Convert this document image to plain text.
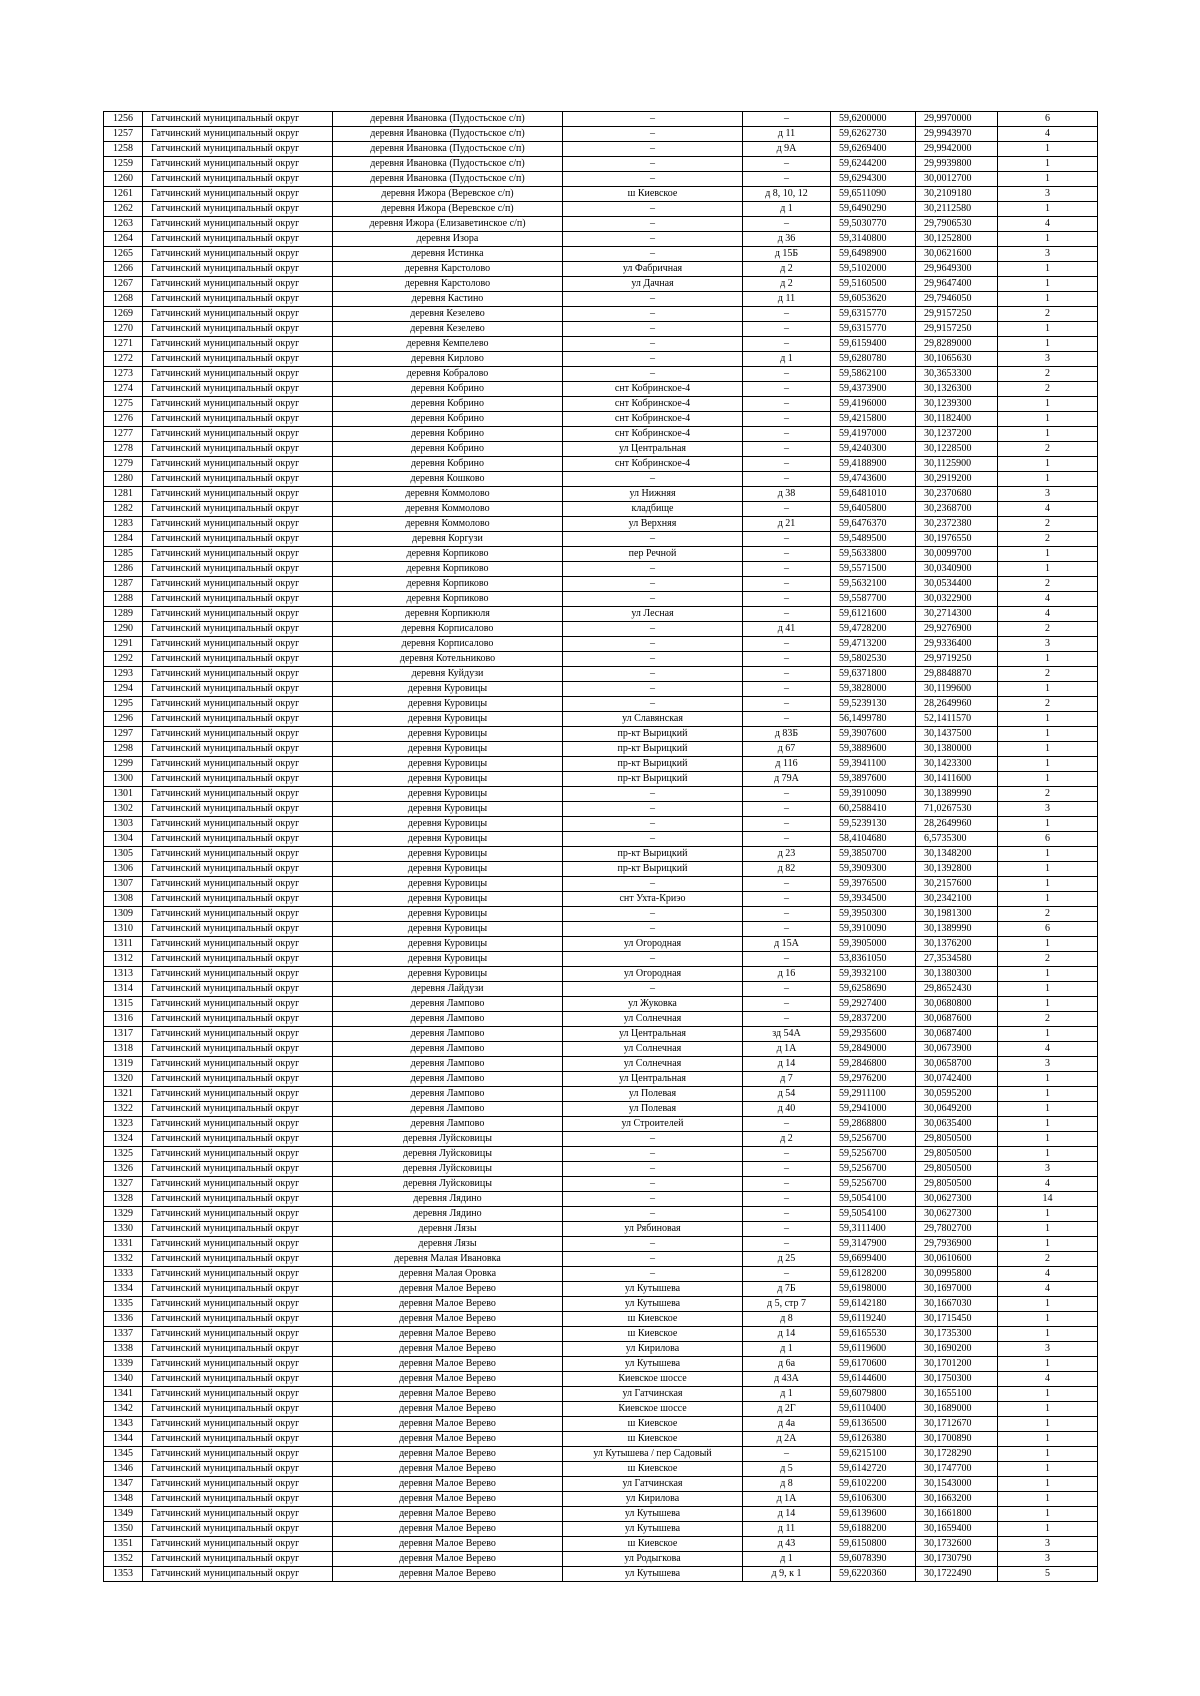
1256	Гатчинский муниципальный округ	деревня Ивановка (Пудостьское с/п)	–	–	59,6200000	29,9970000	6
1257	Гатчинский муниципальный округ	деревня Ивановка (Пудостьское с/п)	–	д 11	59,6262730	29,9943970	4
1258	Гатчинский муниципальный округ	деревня Ивановка (Пудостьское с/п)	–	д 9А	59,6269400	29,9942000	1
1259	Гатчинский муниципальный округ	деревня Ивановка (Пудостьское с/п)	–	–	59,6244200	29,9939800	1
1260	Гатчинский муниципальный округ	деревня Ивановка (Пудостьское с/п)	–	–	59,6294300	30,0012700	1
1261	Гатчинский муниципальный округ	деревня Ижора (Веревское с/п)	ш Киевское	д 8, 10, 12	59,6511090	30,2109180	3
1262	Гатчинский муниципальный округ	деревня Ижора (Веревское с/п)	–	д 1	59,6490290	30,2112580	1
1263	Гатчинский муниципальный округ	деревня Ижора (Елизаветинское с/п)	–	–	59,5030770	29,7906530	4
1264	Гатчинский муниципальный округ	деревня Изора	–	д 36	59,3140800	30,1252800	1
1265	Гатчинский муниципальный округ	деревня Истинка	–	д 15Б	59,6498900	30,0621600	3
1266	Гатчинский муниципальный округ	деревня Карстолово	ул Фабричная	д 2	59,5102000	29,9649300	1
1267	Гатчинский муниципальный округ	деревня Карстолово	ул Дачная	д 2	59,5160500	29,9647400	1
1268	Гатчинский муниципальный округ	деревня Кастино	–	д 11	59,6053620	29,7946050	1
1269	Гатчинский муниципальный округ	деревня Кезелево	–	–	59,6315770	29,9157250	2
1270	Гатчинский муниципальный округ	деревня Кезелево	–	–	59,6315770	29,9157250	1
1271	Гатчинский муниципальный округ	деревня Кемпелево	–	–	59,6159400	29,8289000	1
1272	Гатчинский муниципальный округ	деревня Кирлово	–	д 1	59,6280780	30,1065630	3
1273	Гатчинский муниципальный округ	деревня Кобралово	–	–	59,5862100	30,3653300	2
1274	Гатчинский муниципальный округ	деревня Кобрино	снт Кобринское-4	–	59,4373900	30,1326300	2
1275	Гатчинский муниципальный округ	деревня Кобрино	снт Кобринское-4	–	59,4196000	30,1239300	1
1276	Гатчинский муниципальный округ	деревня Кобрино	снт Кобринское-4	–	59,4215800	30,1182400	1
1277	Гатчинский муниципальный округ	деревня Кобрино	снт Кобринское-4	–	59,4197000	30,1237200	1
1278	Гатчинский муниципальный округ	деревня Кобрино	ул Центральная	–	59,4240300	30,1228500	2
1279	Гатчинский муниципальный округ	деревня Кобрино	снт Кобринское-4	–	59,4188900	30,1125900	1
1280	Гатчинский муниципальный округ	деревня Кошково	–	–	59,4743600	30,2919200	1
1281	Гатчинский муниципальный округ	деревня Коммолово	ул Нижняя	д 38	59,6481010	30,2370680	3
1282	Гатчинский муниципальный округ	деревня Коммолово	кладбище	–	59,6405800	30,2368700	4
1283	Гатчинский муниципальный округ	деревня Коммолово	ул Верхняя	д 21	59,6476370	30,2372380	2
1284	Гатчинский муниципальный округ	деревня Коргузи	–	–	59,5489500	30,1976550	2
1285	Гатчинский муниципальный округ	деревня Корпиково	пер Речной	–	59,5633800	30,0099700	1
1286	Гатчинский муниципальный округ	деревня Корпиково	–	–	59,5571500	30,0340900	1
1287	Гатчинский муниципальный округ	деревня Корпиково	–	–	59,5632100	30,0534400	2
1288	Гатчинский муниципальный округ	деревня Корпиково	–	–	59,5587700	30,0322900	4
1289	Гатчинский муниципальный округ	деревня Корпикюля	ул Лесная	–	59,6121600	30,2714300	4
1290	Гатчинский муниципальный округ	деревня Корписалово	–	д 41	59,4728200	29,9276900	2
1291	Гатчинский муниципальный округ	деревня Корписалово	–	–	59,4713200	29,9336400	3
1292	Гатчинский муниципальный округ	деревня Котельниково	–	–	59,5802530	29,9719250	1
1293	Гатчинский муниципальный округ	деревня Куйдузи	–	–	59,6371800	29,8848870	2
1294	Гатчинский муниципальный округ	деревня Куровицы	–	–	59,3828000	30,1199600	1
1295	Гатчинский муниципальный округ	деревня Куровицы	–	–	59,5239130	28,2649960	2
1296	Гатчинский муниципальный округ	деревня Куровицы	ул Славянская	–	56,1499780	52,1411570	1
1297	Гатчинский муниципальный округ	деревня Куровицы	пр-кт Вырицкий	д 83Б	59,3907600	30,1437500	1
1298	Гатчинский муниципальный округ	деревня Куровицы	пр-кт Вырицкий	д 67	59,3889600	30,1380000	1
1299	Гатчинский муниципальный округ	деревня Куровицы	пр-кт Вырицкий	д 116	59,3941100	30,1423300	1
1300	Гатчинский муниципальный округ	деревня Куровицы	пр-кт Вырицкий	д 79А	59,3897600	30,1411600	1
1301	Гатчинский муниципальный округ	деревня Куровицы	–	–	59,3910090	30,1389990	2
1302	Гатчинский муниципальный округ	деревня Куровицы	–	–	60,2588410	71,0267530	3
1303	Гатчинский муниципальный округ	деревня Куровицы	–	–	59,5239130	28,2649960	1
1304	Гатчинский муниципальный округ	деревня Куровицы	–	–	58,4104680	6,5735300	6
1305	Гатчинский муниципальный округ	деревня Куровицы	пр-кт Вырицкий	д 23	59,3850700	30,1348200	1
1306	Гатчинский муниципальный округ	деревня Куровицы	пр-кт Вырицкий	д 82	59,3909300	30,1392800	1
1307	Гатчинский муниципальный округ	деревня Куровицы	–	–	59,3976500	30,2157600	1
1308	Гатчинский муниципальный округ	деревня Куровицы	снт Ухта-Криэо	–	59,3934500	30,2342100	1
1309	Гатчинский муниципальный округ	деревня Куровицы	–	–	59,3950300	30,1981300	2
1310	Гатчинский муниципальный округ	деревня Куровицы	–	–	59,3910090	30,1389990	6
1311	Гатчинский муниципальный округ	деревня Куровицы	ул Огородная	д 15А	59,3905000	30,1376200	1
1312	Гатчинский муниципальный округ	деревня Куровицы	–	–	53,8361050	27,3534580	2
1313	Гатчинский муниципальный округ	деревня Куровицы	ул Огородная	д 16	59,3932100	30,1380300	1
1314	Гатчинский муниципальный округ	деревня Лайдузи	–	–	59,6258690	29,8652430	1
1315	Гатчинский муниципальный округ	деревня Лампово	ул Жуковка	–	59,2927400	30,0680800	1
1316	Гатчинский муниципальный округ	деревня Лампово	ул Солнечная	–	59,2837200	30,0687600	2
1317	Гатчинский муниципальный округ	деревня Лампово	ул Центральная	зд 54А	59,2935600	30,0687400	1
1318	Гатчинский муниципальный округ	деревня Лампово	ул Солнечная	д 1А	59,2849000	30,0673900	4
1319	Гатчинский муниципальный округ	деревня Лампово	ул Солнечная	д 14	59,2846800	30,0658700	3
1320	Гатчинский муниципальный округ	деревня Лампово	ул Центральная	д 7	59,2976200	30,0742400	1
1321	Гатчинский муниципальный округ	деревня Лампово	ул Полевая	д 54	59,2911100	30,0595200	1
1322	Гатчинский муниципальный округ	деревня Лампово	ул Полевая	д 40	59,2941000	30,0649200	1
1323	Гатчинский муниципальный округ	деревня Лампово	ул Строителей	–	59,2868800	30,0635400	1
1324	Гатчинский муниципальный округ	деревня Луйсковицы	–	д 2	59,5256700	29,8050500	1
1325	Гатчинский муниципальный округ	деревня Луйсковицы	–	–	59,5256700	29,8050500	1
1326	Гатчинский муниципальный округ	деревня Луйсковицы	–	–	59,5256700	29,8050500	3
1327	Гатчинский муниципальный округ	деревня Луйсковицы	–	–	59,5256700	29,8050500	4
1328	Гатчинский муниципальный округ	деревня Лядино	–	–	59,5054100	30,0627300	14
1329	Гатчинский муниципальный округ	деревня Лядино	–	–	59,5054100	30,0627300	1
1330	Гатчинский муниципальный округ	деревня Лязы	ул Рябиновая	–	59,3111400	29,7802700	1
1331	Гатчинский муниципальный округ	деревня Лязы	–	–	59,3147900	29,7936900	1
1332	Гатчинский муниципальный округ	деревня Малая Ивановка	–	д 25	59,6699400	30,0610600	2
1333	Гатчинский муниципальный округ	деревня Малая Оровка	–	–	59,6128200	30,0995800	4
1334	Гатчинский муниципальный округ	деревня Малое Верево	ул Кутышева	д 7Б	59,6198000	30,1697000	4
1335	Гатчинский муниципальный округ	деревня Малое Верево	ул Кутышева	д 5, стр 7	59,6142180	30,1667030	1
1336	Гатчинский муниципальный округ	деревня Малое Верево	ш Киевское	д 8	59,6119240	30,1715450	1
1337	Гатчинский муниципальный округ	деревня Малое Верево	ш Киевское	д 14	59,6165530	30,1735300	1
1338	Гатчинский муниципальный округ	деревня Малое Верево	ул Кирилова	д 1	59,6119600	30,1690200	3
1339	Гатчинский муниципальный округ	деревня Малое Верево	ул Кутышева	д 6а	59,6170600	30,1701200	1
1340	Гатчинский муниципальный округ	деревня Малое Верево	Киевское шоссе	д 43А	59,6144600	30,1750300	4
1341	Гатчинский муниципальный округ	деревня Малое Верево	ул Гатчинская	д 1	59,6079800	30,1655100	1
1342	Гатчинский муниципальный округ	деревня Малое Верево	Киевское шоссе	д 2Г	59,6110400	30,1689000	1
1343	Гатчинский муниципальный округ	деревня Малое Верево	ш Киевское	д 4а	59,6136500	30,1712670	1
1344	Гатчинский муниципальный округ	деревня Малое Верево	ш Киевское	д 2А	59,6126380	30,1700890	1
1345	Гатчинский муниципальный округ	деревня Малое Верево	ул Кутышева / пер Садовый	–	59,6215100	30,1728290	1
1346	Гатчинский муниципальный округ	деревня Малое Верево	ш Киевское	д 5	59,6142720	30,1747700	1
1347	Гатчинский муниципальный округ	деревня Малое Верево	ул Гатчинская	д 8	59,6102200	30,1543000	1
1348	Гатчинский муниципальный округ	деревня Малое Верево	ул Кирилова	д 1А	59,6106300	30,1663200	1
1349	Гатчинский муниципальный округ	деревня Малое Верево	ул Кутышева	д 14	59,6139600	30,1661800	1
1350	Гатчинский муниципальный округ	деревня Малое Верево	ул Кутышева	д 11	59,6188200	30,1659400	1
1351	Гатчинский муниципальный округ	деревня Малое Верево	ш Киевское	д 43	59,6150800	30,1732600	3
1352	Гатчинский муниципальный округ	деревня Малое Верево	ул Родыгкова	д 1	59,6078390	30,1730790	3
1353	Гатчинский муниципальный округ	деревня Малое Верево	ул Кутышева	д 9, к 1	59,6220360	30,1722490	5
